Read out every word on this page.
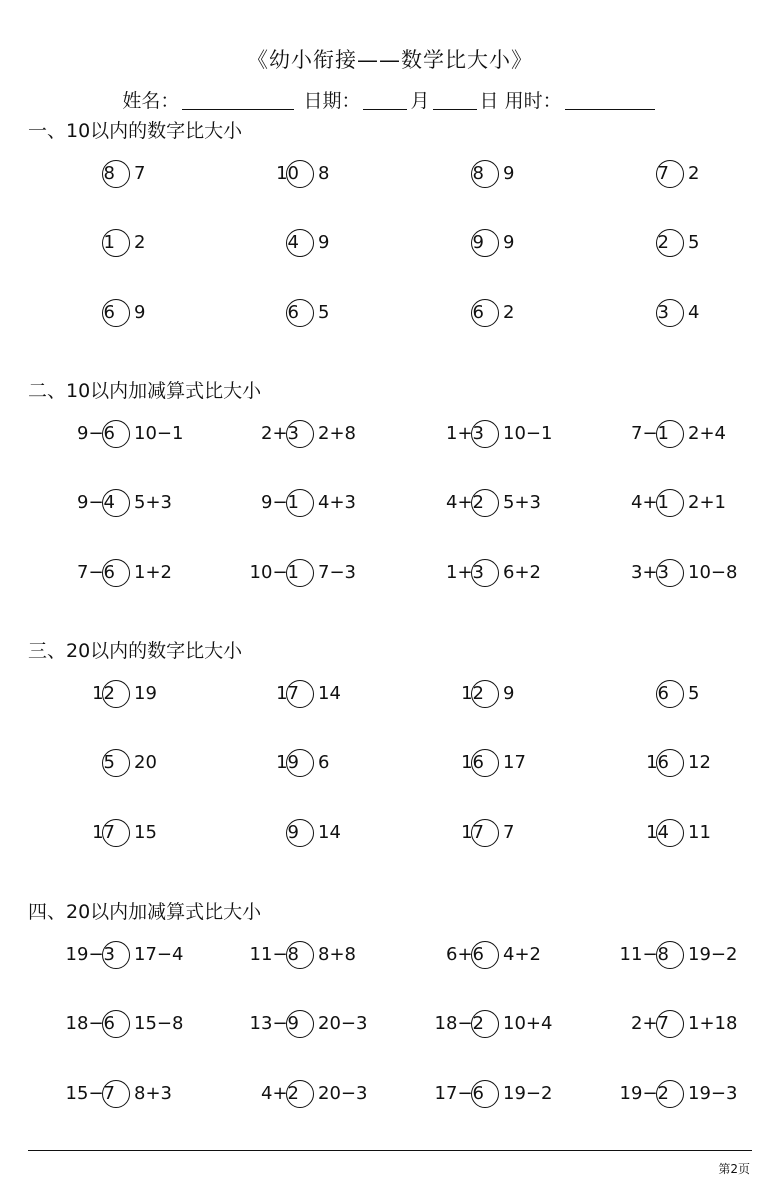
《幼小衔接——数学比大小》
姓名：	日期：	月	日 用时：
一、10以内的数字比大小
8 7	10 8	8 9	7 2
1 2	4 9	9 9	2 5
6 9	6 5	6 2	3 4
二、10以内加减算式比大小
9−6 10−1	2+3 2+8	1+3 10−1	7−1 2+4
9−4 5+3	9−1 4+3	4+2 5+3	4+1 2+1
7−6 1+2	10−1 7−3	1+3 6+2	3+3 10−8
三、20以内的数字比大小
12 19	17 14	12 9	6 5
5 20	19 6	16 17	16 12
17 15	9 14	17 7	14 11
四、20以内加减算式比大小
19−3 17−4	11−8 8+8	6+6 4+2	11−8 19−2
18−6 15−8	13−9 20−3	18−2 10+4	2+7 1+18
15−7 8+3	4+2 20−3	17−6 19−2	19−2 19−3
第2页
